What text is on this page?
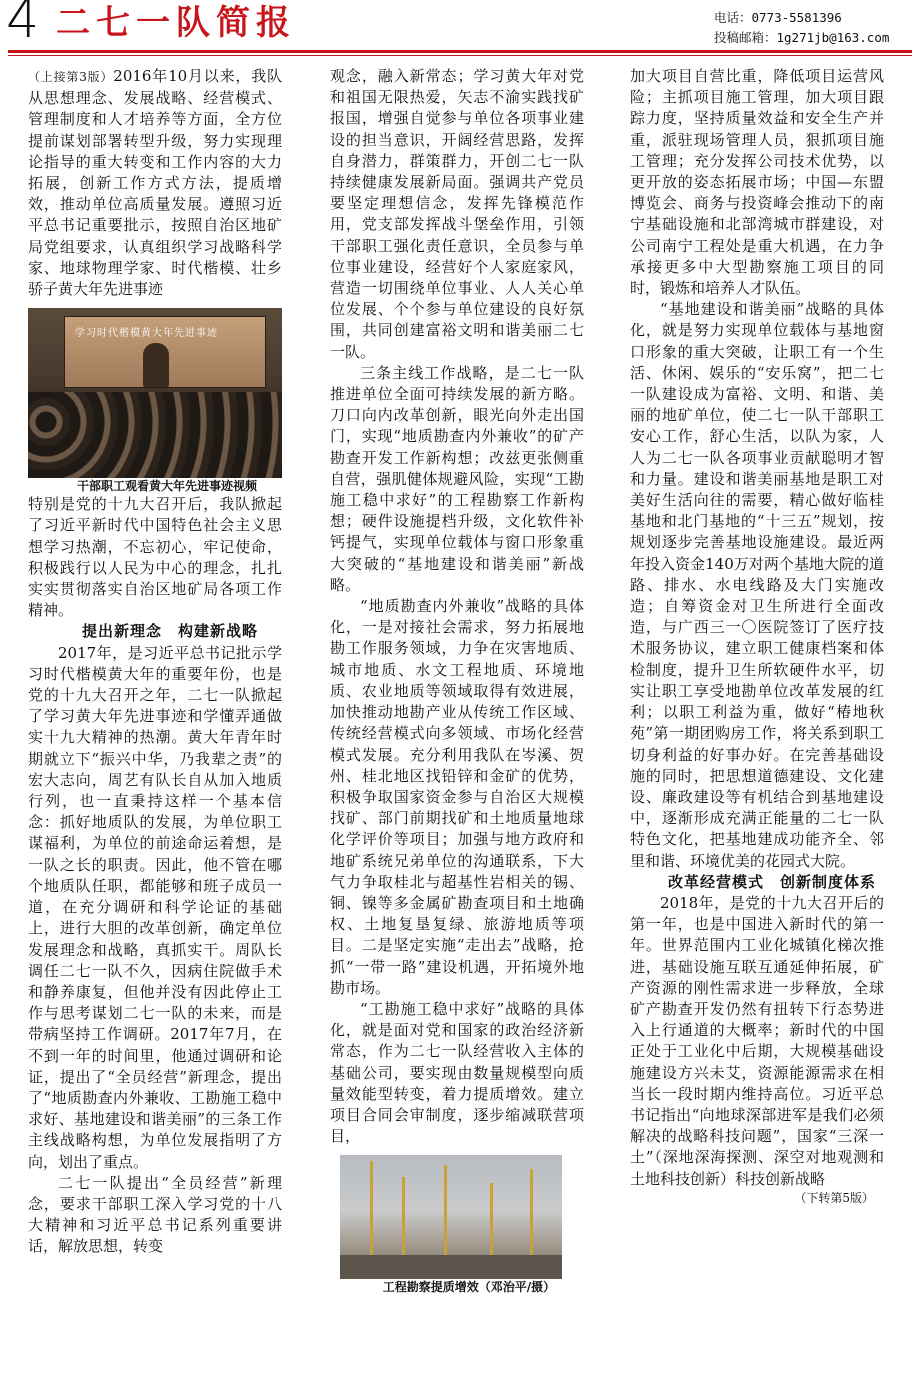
4 二七一队简报	电话：0773-5581396
投稿邮箱：1g271jb@163.com

（上接第3版）2016年10月以来，我队从思想理念、发展战略、经营模式、管理制度和人才培养等方面，全方位提前谋划部署转型升级，努力实现理论指导的重大转变和工作内容的大力拓展，创新工作方式方法，提质增效，推动单位高质量发展。遵照习近平总书记重要批示，按照自治区地矿局党组要求，认真组织学习战略科学家、地球物理学家、时代楷模、壮乡骄子黄大年先进事迹

学习时代楷模黄大年先进事迹

干部职工观看黄大年先进事迹视频

特别是党的十九大召开后，我队掀起了习近平新时代中国特色社会主义思想学习热潮，不忘初心，牢记使命，积极践行以人民为中心的理念，扎扎实实贯彻落实自治区地矿局各项工作精神。

提出新理念　构建新战略

2017年，是习近平总书记批示学习时代楷模黄大年的重要年份，也是党的十九大召开之年，二七一队掀起了学习黄大年先进事迹和学懂弄通做实十九大精神的热潮。黄大年青年时期就立下“振兴中华，乃我辈之责”的宏大志向，周艺有队长自从加入地质行列，也一直秉持这样一个基本信念：抓好地质队的发展，为单位职工谋福利，为单位的前途命运着想，是一队之长的职责。因此，他不管在哪个地质队任职，都能够和班子成员一道，在充分调研和科学论证的基础上，进行大胆的改革创新，确定单位发展理念和战略，真抓实干。周队长调任二七一队不久，因病住院做手术和静养康复，但他并没有因此停止工作与思考谋划二七一队的未来，而是带病坚持工作调研。2017年7月，在不到一年的时间里，他通过调研和论证，提出了“全员经营”新理念，提出了“地质勘查内外兼收、工勘施工稳中求好、基地建设和谐美丽”的三条工作主线战略构想，为单位发展指明了方向，划出了重点。

二七一队提出“全员经营”新理念，要求干部职工深入学习党的十八大精神和习近平总书记系列重要讲话，解放思想，转变

观念，融入新常态；学习黄大年对党和祖国无限热爱，矢志不渝实践找矿报国，增强自觉参与单位各项事业建设的担当意识，开阔经营思路，发挥自身潜力，群策群力，开创二七一队持续健康发展新局面。强调共产党员要坚定理想信念，发挥先锋模范作用，党支部发挥战斗堡垒作用，引领干部职工强化责任意识，全员参与单位事业建设，经营好个人家庭家风，营造一切围绕单位事业、人人关心单位发展、个个参与单位建设的良好氛围，共同创建富裕文明和谐美丽二七一队。

三条主线工作战略，是二七一队推进单位全面可持续发展的新方略。刀口向内改革创新，眼光向外走出国门，实现“地质勘查内外兼收”的矿产勘查开发工作新构想；改兹更张侧重自营，强肌健体规避风险，实现“工勘施工稳中求好”的工程勘察工作新构想；硬件设施提档升级，文化软件补钙提气，实现单位载体与窗口形象重大突破的“基地建设和谐美丽”新战略。

“地质勘查内外兼收”战略的具体化，一是对接社会需求，努力拓展地勘工作服务领域，力争在灾害地质、城市地质、水文工程地质、环境地质、农业地质等领域取得有效进展，加快推动地勘产业从传统工作区域、传统经营模式向多领域、市场化经营模式发展。充分利用我队在岑溪、贺州、桂北地区找铅锌和金矿的优势，积极争取国家资金参与自治区大规模找矿、部门前期找矿和土地质量地球化学评价等项目；加强与地方政府和地矿系统兄弟单位的沟通联系，下大气力争取桂北与超基性岩相关的锡、铜、镍等多金属矿勘查项目和土地确权、土地复垦复绿、旅游地质等项目。二是坚定实施“走出去”战略，抢抓“一带一路”建设机遇，开拓境外地勘市场。

“工勘施工稳中求好”战略的具体化，就是面对党和国家的政治经济新常态，作为二七一队经营收入主体的基础公司，要实现由数量规模型向质量效能型转变，着力提质增效。建立项目合同会审制度，逐步缩减联营项目，

工程勘察提质增效（邓治平/摄）

加大项目自营比重，降低项目运营风险；主抓项目施工管理，加大项目跟踪力度，坚持质量效益和安全生产并重，派驻现场管理人员，狠抓项目施工管理；充分发挥公司技术优势，以更开放的姿态拓展市场；中国—东盟博览会、商务与投资峰会推动下的南宁基础设施和北部湾城市群建设，对公司南宁工程处是重大机遇，在力争承接更多中大型勘察施工项目的同时，锻炼和培养人才队伍。

“基地建设和谐美丽”战略的具体化，就是努力实现单位载体与基地窗口形象的重大突破，让职工有一个生活、休闲、娱乐的“安乐窝”，把二七一队建设成为富裕、文明、和谐、美丽的地矿单位，使二七一队干部职工安心工作，舒心生活，以队为家，人人为二七一队各项事业贡献聪明才智和力量。建设和谐美丽基地是职工对美好生活向往的需要，精心做好临桂基地和北门基地的“十三五”规划，按规划逐步完善基地设施建设。最近两年投入资金140万对两个基地大院的道路、排水、水电线路及大门实施改造；自筹资金对卫生所进行全面改造，与广西三一〇医院签订了医疗技术服务协议，建立职工健康档案和体检制度，提升卫生所软硬件水平，切实让职工享受地勘单位改革发展的红利；以职工利益为重，做好“椿地秋苑”第一期团购房工作，将关系到职工切身利益的好事办好。在完善基础设施的同时，把思想道德建设、文化建设、廉政建设等有机结合到基地建设中，逐渐形成充满正能量的二七一队特色文化，把基地建成功能齐全、邻里和谐、环境优美的花园式大院。

改革经营模式　创新制度体系

2018年，是党的十九大召开后的第一年，也是中国进入新时代的第一年。世界范围内工业化城镇化梯次推进，基础设施互联互通延伸拓展，矿产资源的刚性需求进一步释放，全球矿产勘查开发仍然有扭转下行态势进入上行通道的大概率；新时代的中国正处于工业化中后期，大规模基础设施建设方兴未艾，资源能源需求在相当长一段时期内维持高位。习近平总书记指出“向地球深部进军是我们必须解决的战略科技问题”，国家“三深一土”（深地深海探测、深空对地观测和土地科技创新）科技创新战略

（下转第5版）
